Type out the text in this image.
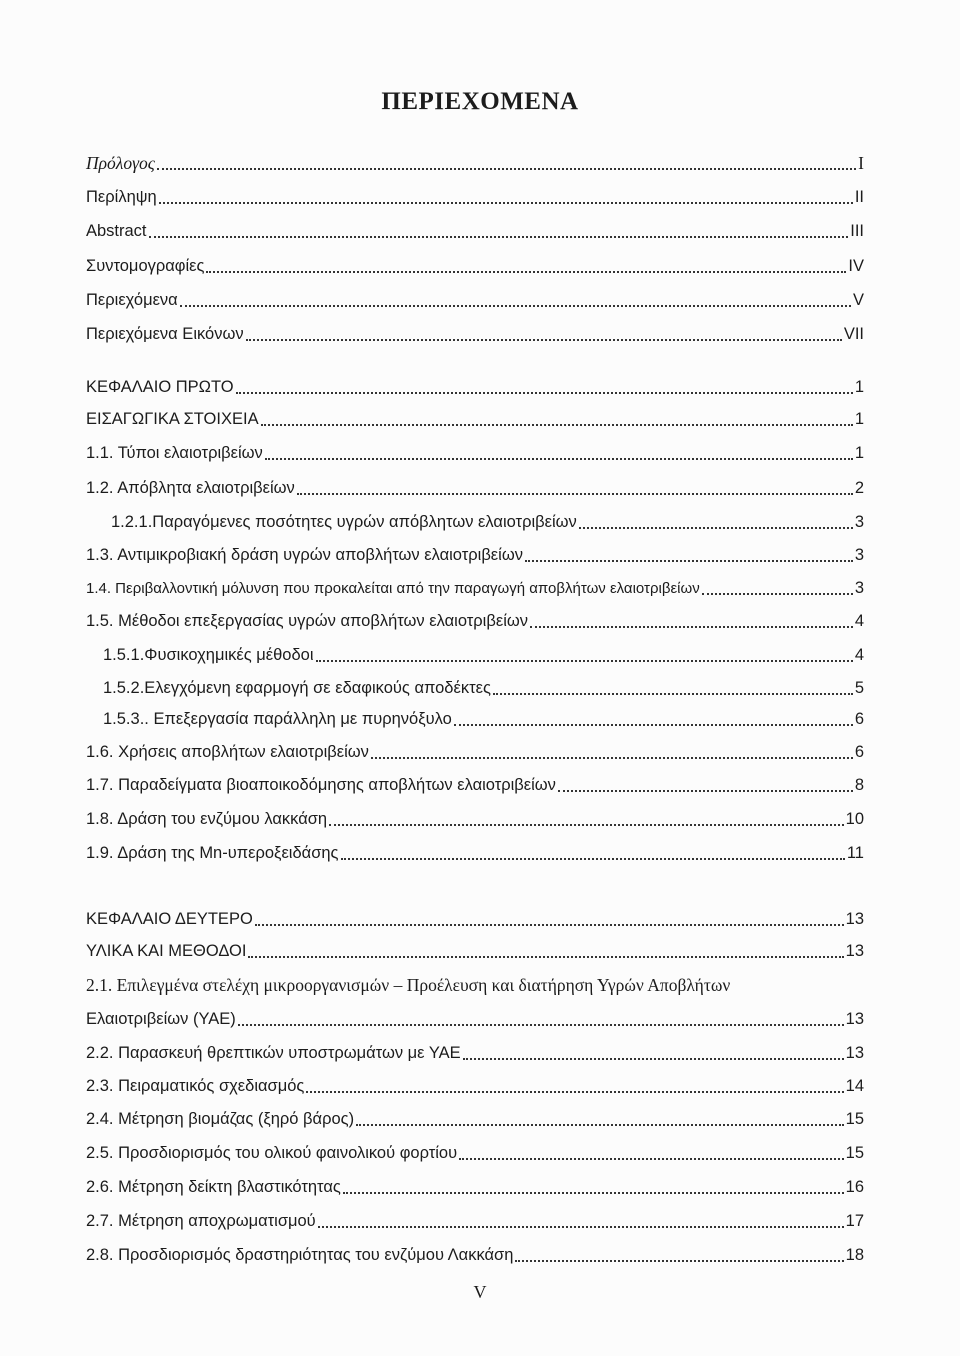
ΠΕΡΙΕΧΟΜΕΝΑ
Πρόλογος	I
Περίληψη	II
Abstract	III
Συντομογραφίες	IV
Περιεχόμενα	V
Περιεχόμενα Εικόνων	VII
ΚΕΦΑΛΑΙΟ ΠΡΩΤΟ	1
ΕΙΣΑΓΩΓΙΚΑ ΣΤΟΙΧΕΙΑ	1
1.1. Τύποι ελαιοτριβείων	1
1.2. Απόβλητα ελαιοτριβείων	2
1.2.1.Παραγόμενες ποσότητες υγρών απόβλητων ελαιοτριβείων	3
1.3. Αντιμικροβιακή δράση υγρών αποβλήτων ελαιοτριβείων	3
1.4. Περιβαλλοντική μόλυνση που προκαλείται από την παραγωγή αποβλήτων ελαιοτριβείων	3
1.5. Μέθοδοι επεξεργασίας υγρών αποβλήτων ελαιοτριβείων	4
1.5.1.Φυσικοχημικές μέθοδοι	4
1.5.2.Ελεγχόμενη εφαρμογή σε εδαφικούς αποδέκτες	5
1.5.3.. Επεξεργασία παράλληλη με πυρηνόξυλο	6
1.6. Χρήσεις αποβλήτων ελαιοτριβείων	6
1.7. Παραδείγματα βιοαποικοδόμησης αποβλήτων ελαιοτριβείων	8
1.8. Δράση του ενζύμου λακκάση	10
1.9. Δράση της Mn-υπεροξειδάσης	11
ΚΕΦΑΛΑΙΟ ΔΕΥΤΕΡΟ	13
ΥΛΙΚΑ ΚΑΙ ΜΕΘΟΔΟΙ	13
2.1. Επιλεγμένα στελέχη μικροοργανισμών – Προέλευση και διατήρηση Υγρών Αποβλήτων
Ελαιοτριβείων (ΥΑΕ)	13
2.2. Παρασκευή θρεπτικών υποστρωμάτων με ΥΑΕ	13
2.3. Πειραματικός σχεδιασμός	14
2.4. Μέτρηση βιομάζας (ξηρό βάρος)	15
2.5. Προσδιορισμός του ολικού φαινολικού φορτίου	15
2.6. Μέτρηση δείκτη βλαστικότητας	16
2.7. Μέτρηση αποχρωματισμού	17
2.8. Προσδιορισμός δραστηριότητας του ενζύμου Λακκάση	18
V
